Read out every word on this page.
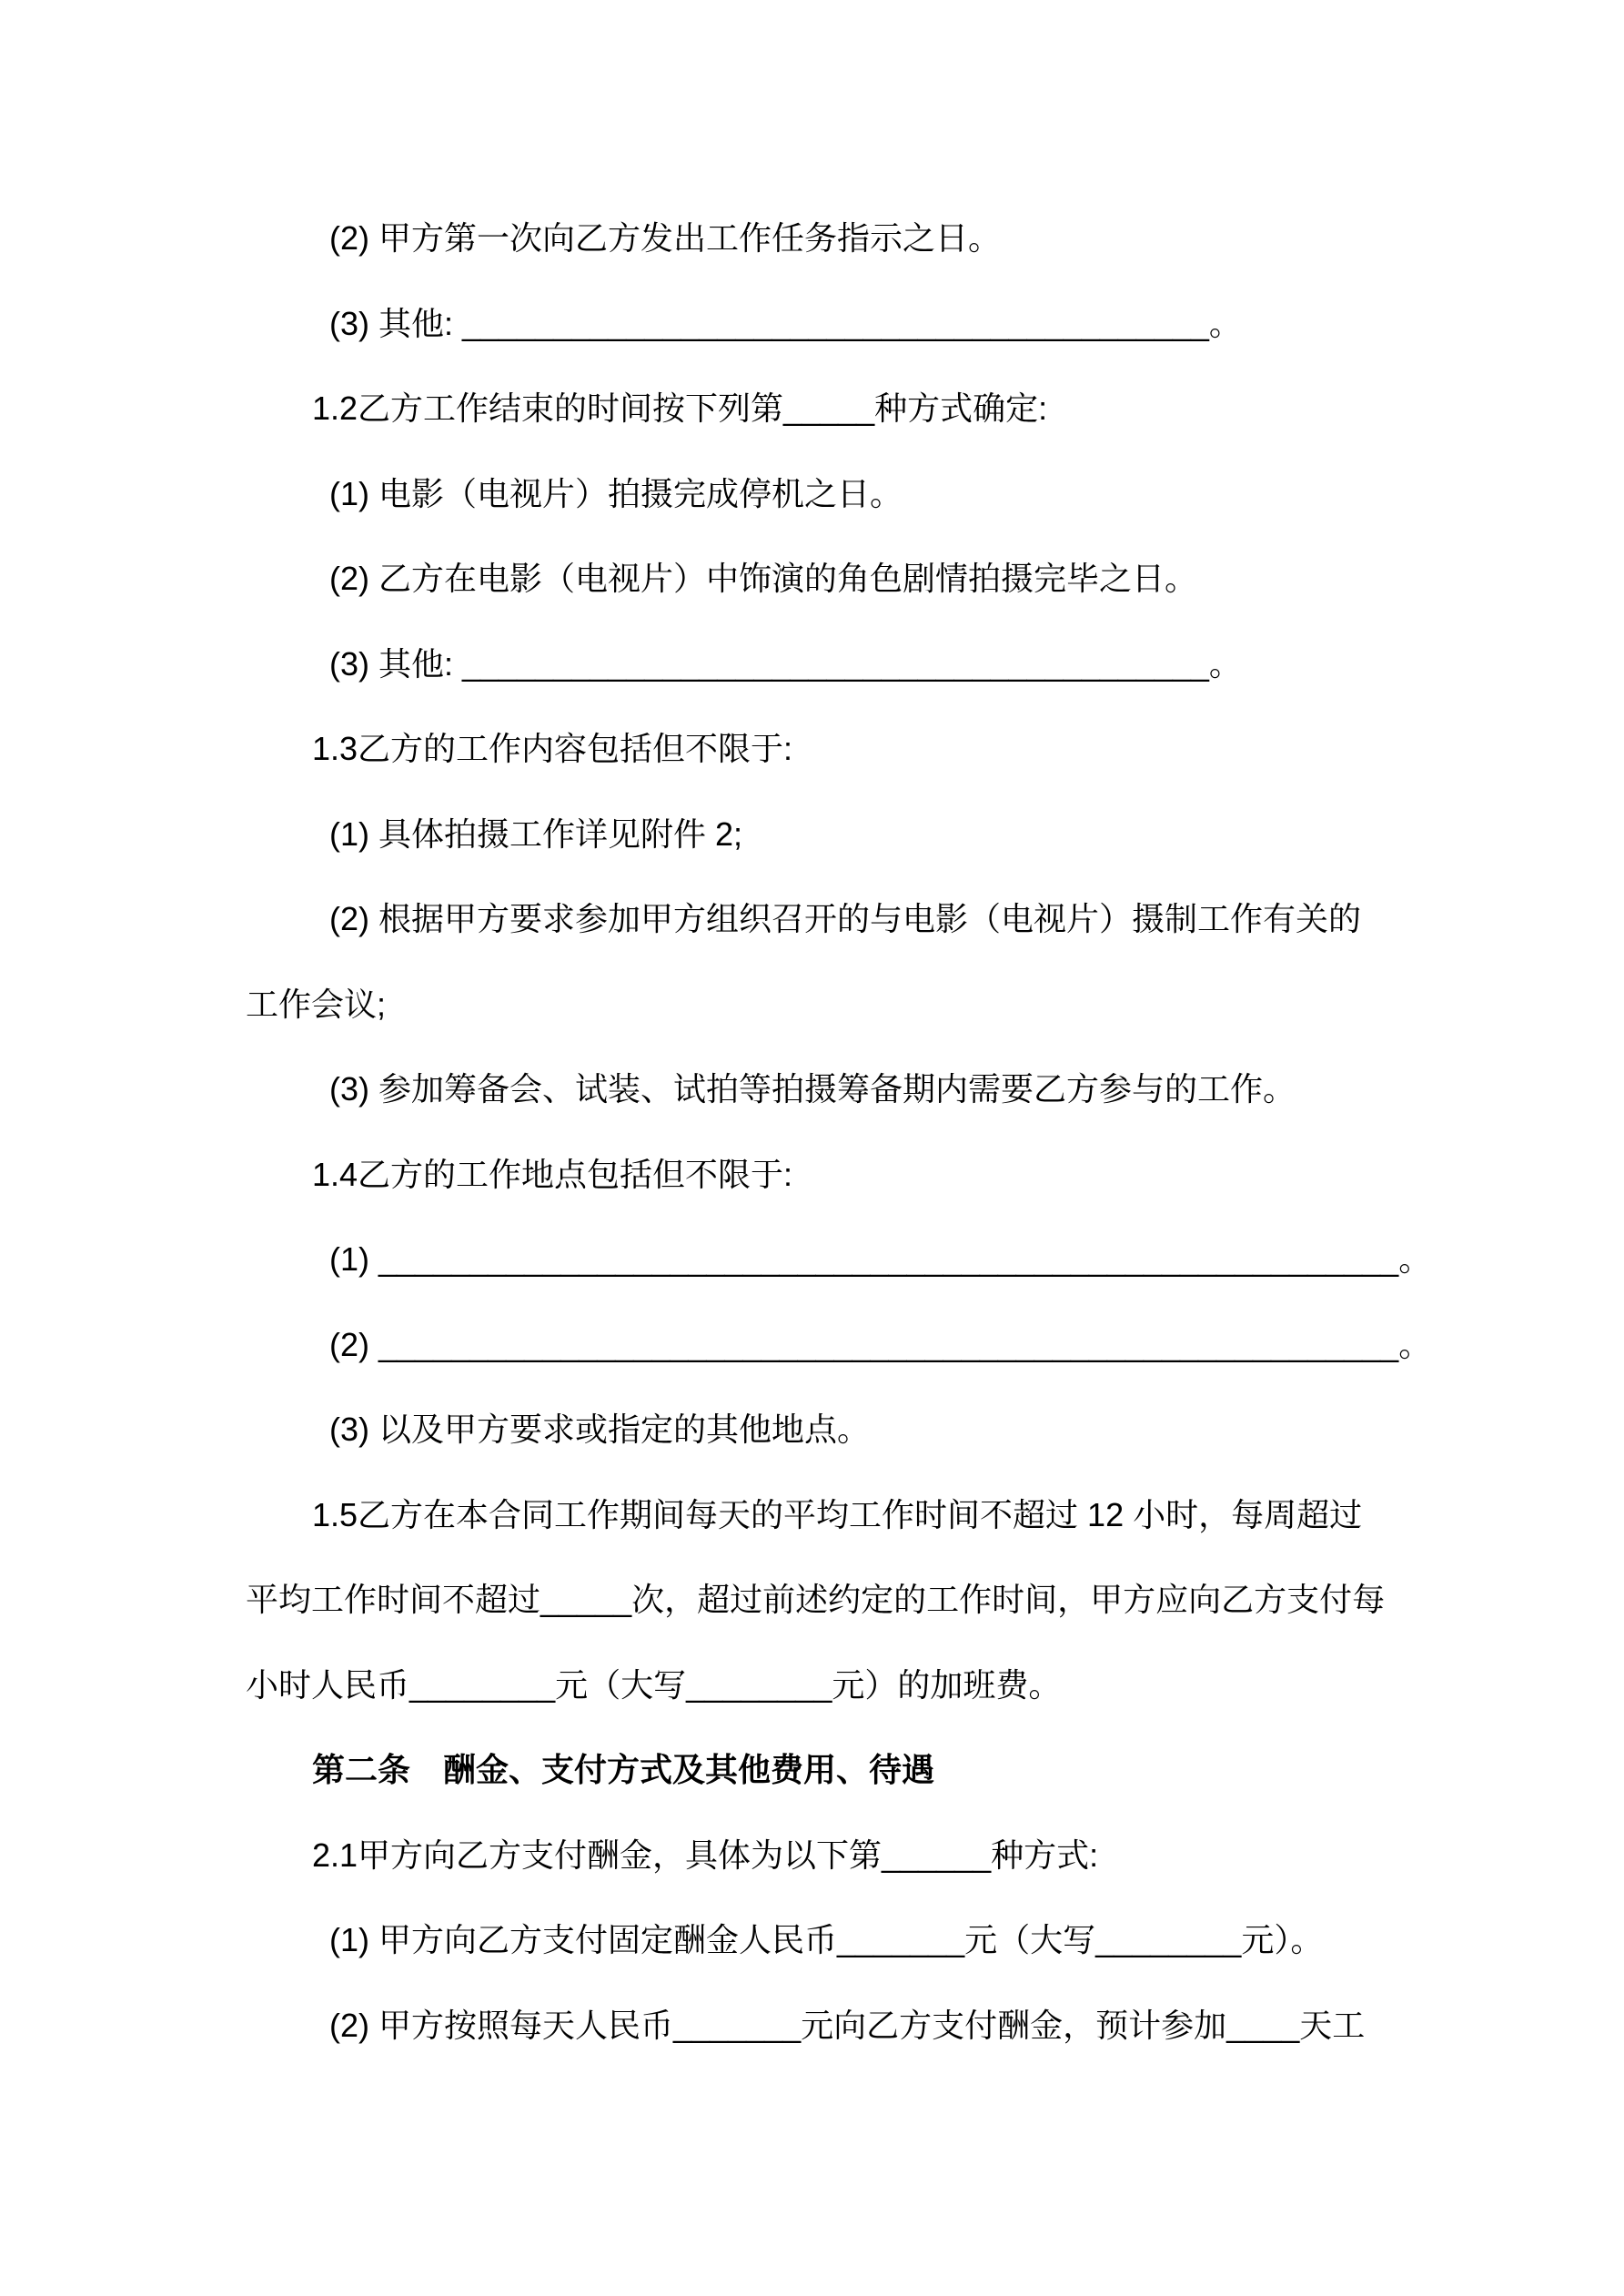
(2) 甲方第一次向乙方发出工作任务指示之日。
(3) 其他: _________________________________________。
1.2乙方工作结束的时间按下列第_____种方式确定:
(1) 电影（电视片）拍摄完成停机之日。
(2) 乙方在电影（电视片）中饰演的角色剧情拍摄完毕之日。
(3) 其他: _________________________________________。
1.3乙方的工作内容包括但不限于:
(1) 具体拍摄工作详见附件 2;
(2) 根据甲方要求参加甲方组织召开的与电影（电视片）摄制工作有关的
工作会议;
(3) 参加筹备会、试装、试拍等拍摄筹备期内需要乙方参与的工作。
1.4乙方的工作地点包括但不限于:
(1) ________________________________________________________。
(2) ________________________________________________________。
(3) 以及甲方要求或指定的其他地点。
1.5乙方在本合同工作期间每天的平均工作时间不超过 12 小时，每周超过
平均工作时间不超过_____次，超过前述约定的工作时间，甲方应向乙方支付每
小时人民币________元（大写________元）的加班费。
第二条　酬金、支付方式及其他费用、待遇
2.1甲方向乙方支付酬金，具体为以下第______种方式:
(1) 甲方向乙方支付固定酬金人民币_______元（大写________元）。
(2) 甲方按照每天人民币_______元向乙方支付酬金，预计参加____天工
